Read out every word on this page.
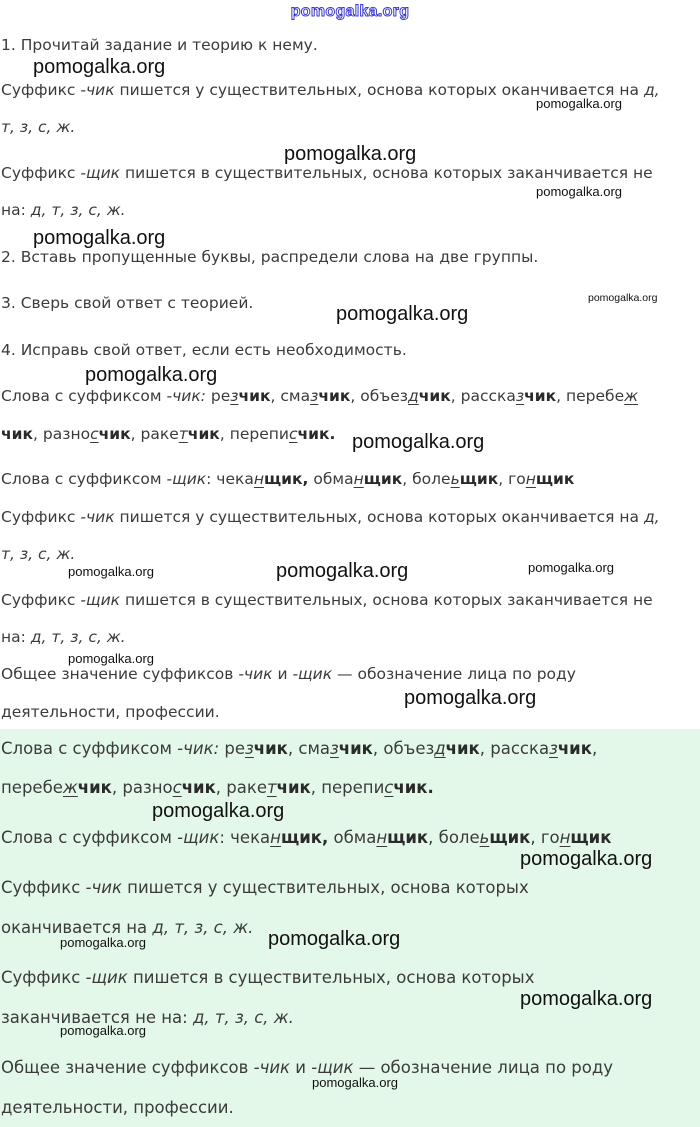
pomogalka.org
1. Прочитай задание и теорию к нему.
Суффикс -чик пишется у существительных, основа которых оканчивается на д,
т, з, с, ж.
Суффикс -щик пишется в существительных, основа которых заканчивается не
на: д, т, з, с, ж.
2. Вставь пропущенные буквы, распредели слова на две группы.
3. Сверь свой ответ с теорией.
4. Исправь свой ответ, если есть необходимость.
Слова с суффиксом -чик: резчик, смазчик, объездчик, рассказчик, перебеж
чик, разносчик, ракетчик, переписчик.
Слова с суффиксом -щик: чеканщик, обманщик, болеьщик, гонщик
Суффикс -чик пишется у существительных, основа которых оканчивается на д,
т, з, с, ж.
Суффикс -щик пишется в существительных, основа которых заканчивается не
на: д, т, з, с, ж.
Общее значение суффиксов -чик и -щик — обозначение лица по роду
деятельности, профессии.
Слова с суффиксом -чик: резчик, смазчик, объездчик, рассказчик,
перебежчик, разносчик, ракетчик, переписчик.
Слова с суффиксом -щик: чеканщик, обманщик, болеьщик, гонщик
Суффикс -чик пишется у существительных, основа которых
оканчивается на д, т, з, с, ж.
Суффикс -щик пишется в существительных, основа которых
заканчивается не на: д, т, з, с, ж.
Общее значение суффиксов -чик и -щик — обозначение лица по роду
деятельности, профессии.
pomogalka.org
pomogalka.org
pomogalka.org
pomogalka.org
pomogalka.org
pomogalka.org
pomogalka.org
pomogalka.org
pomogalka.org
pomogalka.org	pomogalka.org	pomogalka.org
pomogalka.org
pomogalka.org
pomogalka.org
pomogalka.org
pomogalka.org	pomogalka.org
pomogalka.org
pomogalka.org
pomogalka.org
